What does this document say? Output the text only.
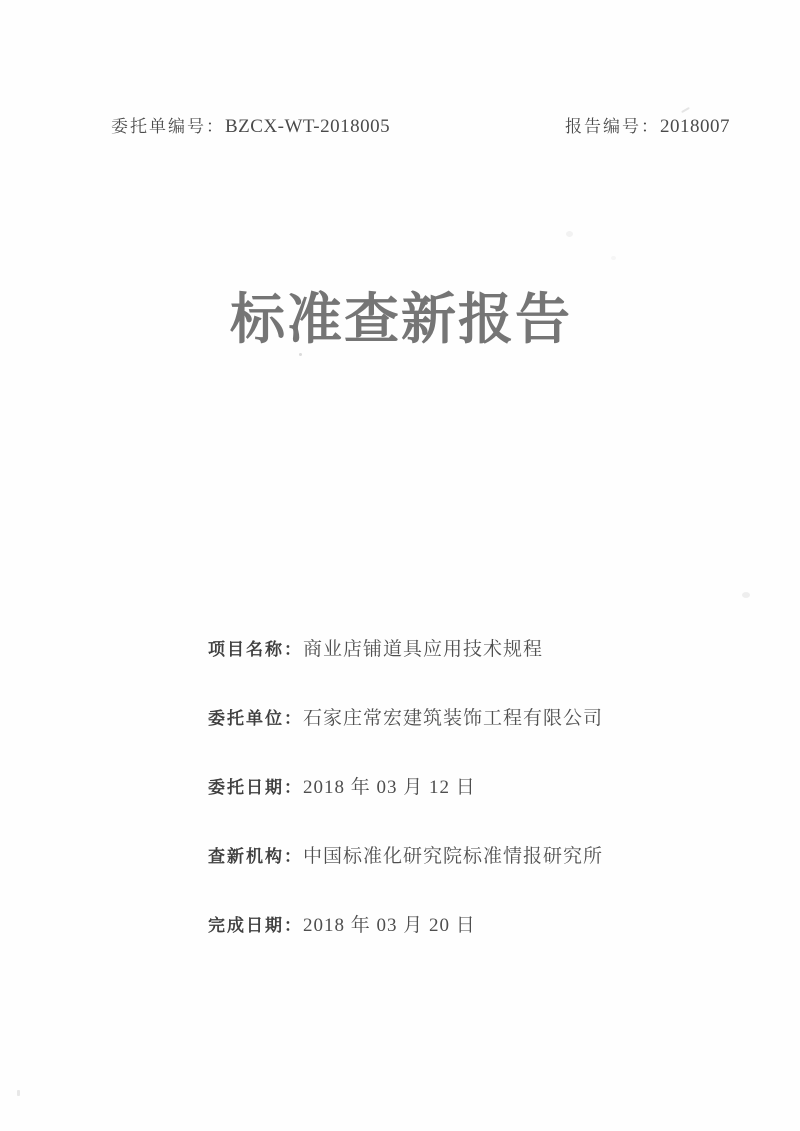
委托单编号：BZCX-WT-2018005	报告编号：2018007
标准查新报告
项目名称：商业店铺道具应用技术规程
委托单位：石家庄常宏建筑装饰工程有限公司
委托日期：2018 年 03 月 12 日
查新机构：中国标准化研究院标准情报研究所
完成日期：2018 年 03 月 20 日
